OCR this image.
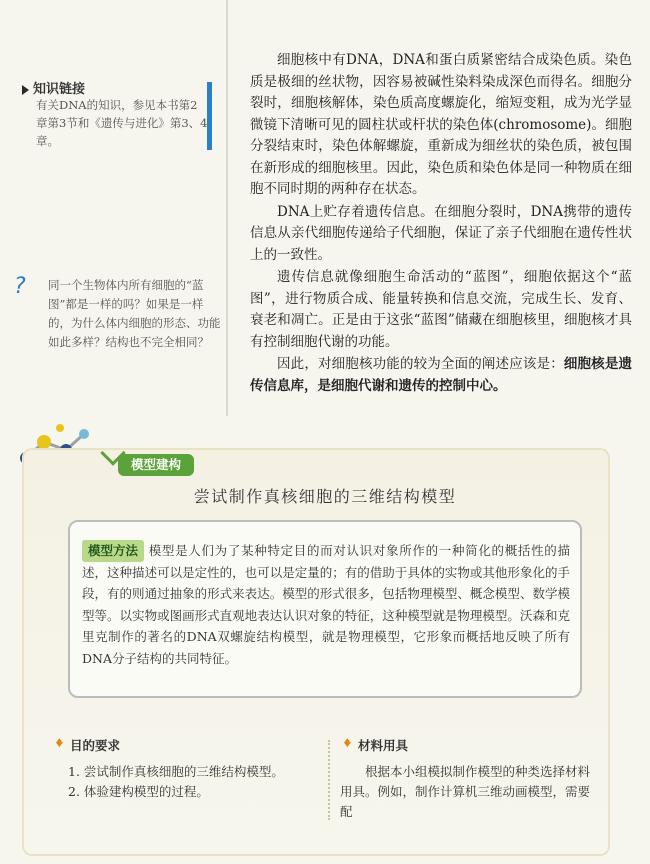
知识链接
有关DNA的知识，参见本书第2章第3节和《遗传与进化》第3、4章。
?	同一个生物体内所有细胞的“蓝图”都是一样的吗？如果是一样的，为什么体内细胞的形态、功能如此多样？结构也不完全相同？

细胞核中有DNA，DNA和蛋白质紧密结合成染色质。染色质是极细的丝状物，因容易被碱性染料染成深色而得名。细胞分裂时，细胞核解体，染色质高度螺旋化，缩短变粗，成为光学显微镜下清晰可见的圆柱状或杆状的染色体(chromosome)。细胞分裂结束时，染色体解螺旋，重新成为细丝状的染色质，被包围在新形成的细胞核里。因此，染色质和染色体是同一种物质在细胞不同时期的两种存在状态。

DNA上贮存着遗传信息。在细胞分裂时，DNA携带的遗传信息从亲代细胞传递给子代细胞，保证了亲子代细胞在遗传性状上的一致性。

遗传信息就像细胞生命活动的“蓝图”，细胞依据这个“蓝图”，进行物质合成、能量转换和信息交流，完成生长、发育、衰老和凋亡。正是由于这张“蓝图”储藏在细胞核里，细胞核才具有控制细胞代谢的功能。

因此，对细胞核功能的较为全面的阐述应该是：细胞核是遗传信息库，是细胞代谢和遗传的控制中心。

模型建构
尝试制作真核细胞的三维结构模型
模型方法 模型是人们为了某种特定目的而对认识对象所作的一种简化的概括性的描述，这种描述可以是定性的，也可以是定量的；有的借助于具体的实物或其他形象化的手段，有的则通过抽象的形式来表达。模型的形式很多，包括物理模型、概念模型、数学模型等。以实物或图画形式直观地表达认识对象的特征，这种模型就是物理模型。沃森和克里克制作的著名的DNA双螺旋结构模型，就是物理模型，它形象而概括地反映了所有DNA分子结构的共同特征。
♦ 目的要求
1. 尝试制作真核细胞的三维结构模型。
2. 体验建构模型的过程。
♦ 材料用具
根据本小组模拟制作模型的种类选择材料用具。例如，制作计算机三维动画模型，需要配
